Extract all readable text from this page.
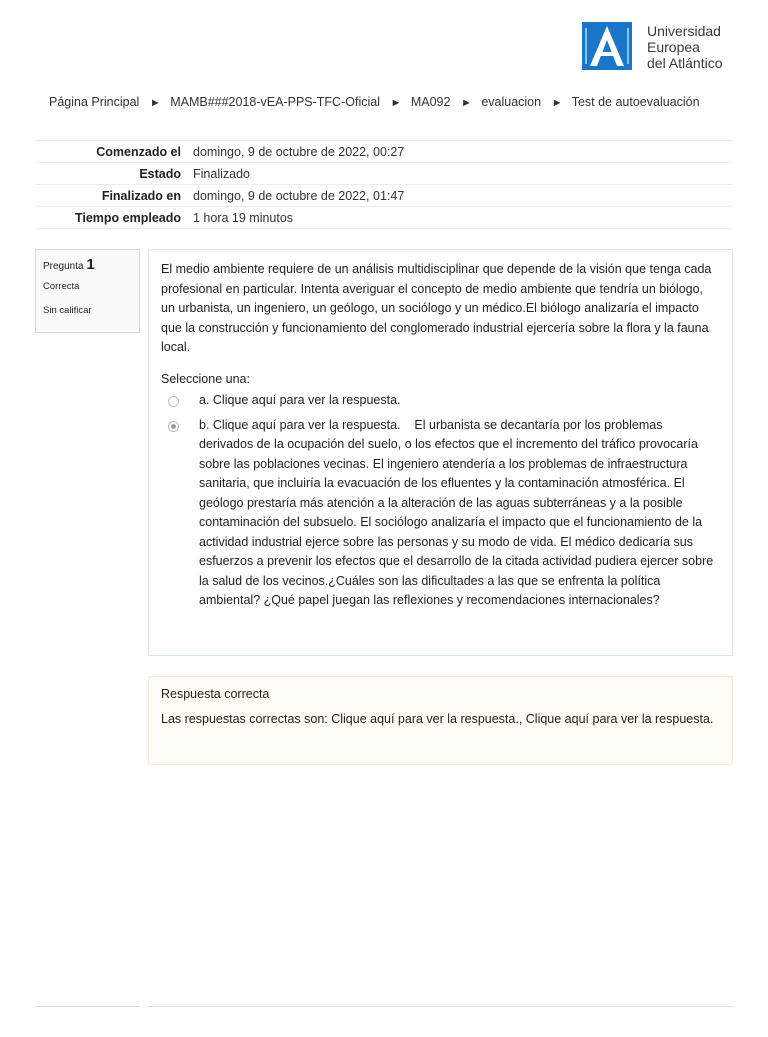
Universidad
Europea
del Atlántico
Página Principal ► MAMB###2018-vEA-PPS-TFC-Oficial ► MA092 ► evaluacion ► Test de autoevaluación
Comenzado el	domingo, 9 de octubre de 2022, 00:27
Estado	Finalizado
Finalizado en	domingo, 9 de octubre de 2022, 01:47
Tiempo empleado	1 hora 19 minutos
Pregunta 1
Correcta
Sin calificar
El medio ambiente requiere de un análisis multidisciplinar que depende de la visión que tenga cada profesional en particular. Intenta averiguar el concepto de medio ambiente que tendría un biólogo, un urbanista, un ingeniero, un geólogo, un sociólogo y un médico.El biólogo analizaría el impacto que la construcción y funcionamiento del conglomerado industrial ejercería sobre la flora y la fauna local.
Seleccione una:
a. Clique aquí para ver la respuesta.
b. Clique aquí para ver la respuesta.    El urbanista se decantaría por los problemas derivados de la ocupación del suelo, o los efectos que el incremento del tráfico provocaría sobre las poblaciones vecinas. El ingeniero atendería a los problemas de infraestructura sanitaria, que incluiría la evacuación de los efluentes y la contaminación atmosférica. El geólogo prestaría más atención a la alteración de las aguas subterráneas y a la posible contaminación del subsuelo. El sociólogo analizaría el impacto que el funcionamiento de la actividad industrial ejerce sobre las personas y su modo de vida. El médico dedicaría sus esfuerzos a prevenir los efectos que el desarrollo de la citada actividad pudiera ejercer sobre la salud de los vecinos.¿Cuáles son las dificultades a las que se enfrenta la política ambiental? ¿Qué papel juegan las reflexiones y recomendaciones internacionales?
Respuesta correcta
Las respuestas correctas son: Clique aquí para ver la respuesta., Clique aquí para ver la respuesta.
